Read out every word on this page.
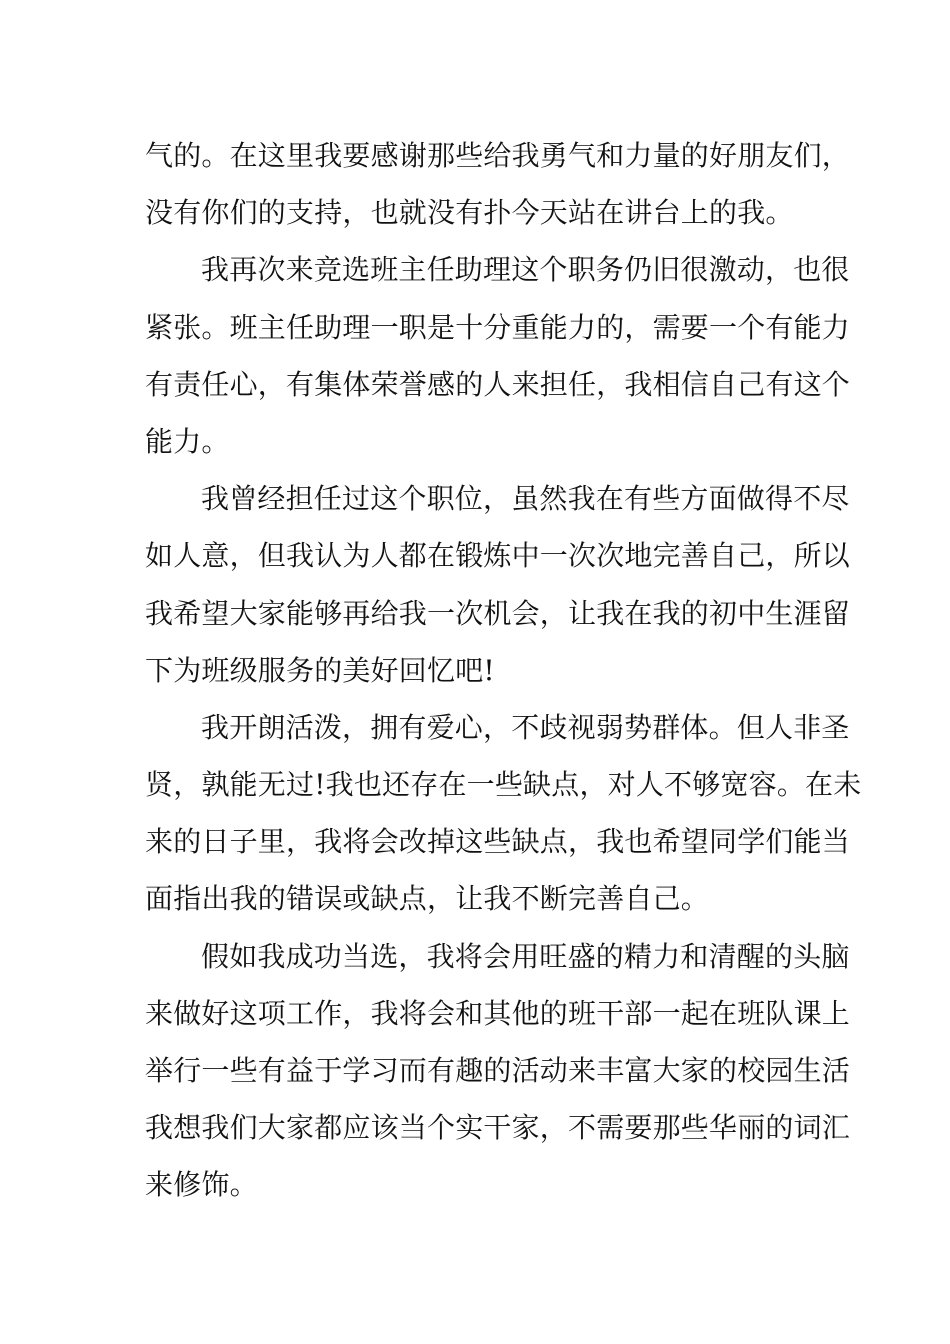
气的。在这里我要感谢那些给我勇气和力量的好朋友们，
没有你们的支持，也就没有扑今天站在讲台上的我。
我再次来竞选班主任助理这个职务仍旧很激动，也很
紧张。班主任助理一职是十分重能力的，需要一个有能力
有责任心，有集体荣誉感的人来担任，我相信自己有这个
能力。
我曾经担任过这个职位，虽然我在有些方面做得不尽
如人意，但我认为人都在锻炼中一次次地完善自己，所以
我希望大家能够再给我一次机会，让我在我的初中生涯留
下为班级服务的美好回忆吧!
我开朗活泼，拥有爱心，不歧视弱势群体。但人非圣
贤，孰能无过!我也还存在一些缺点，对人不够宽容。在未
来的日子里，我将会改掉这些缺点，我也希望同学们能当
面指出我的错误或缺点，让我不断完善自己。
假如我成功当选，我将会用旺盛的精力和清醒的头脑
来做好这项工作，我将会和其他的班干部一起在班队课上
举行一些有益于学习而有趣的活动来丰富大家的校园生活
我想我们大家都应该当个实干家，不需要那些华丽的词汇
来修饰。
